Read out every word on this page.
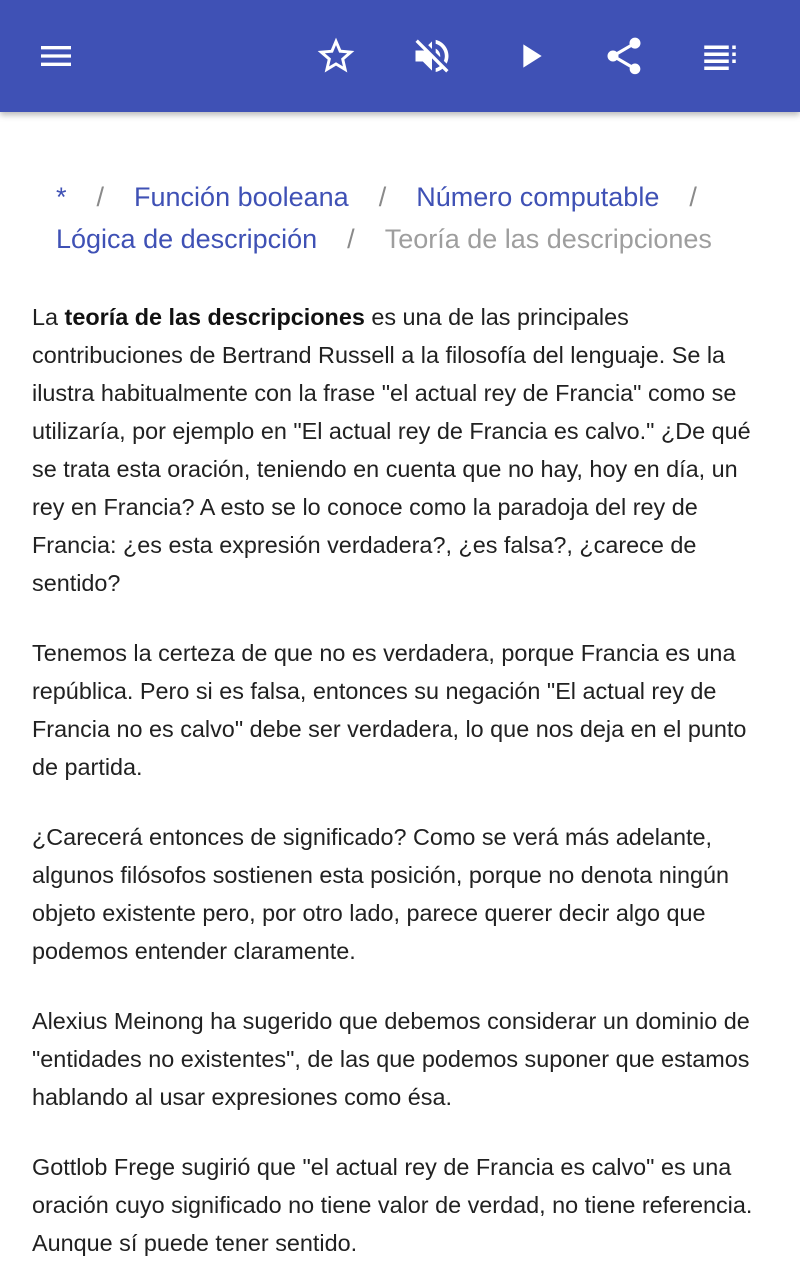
* / Función booleana / Número computable /
Lógica de descripción / Teoría de las descripciones

La teoría de las descripciones es una de las principales contribuciones de Bertrand Russell a la filosofía del lenguaje. Se la ilustra habitualmente con la frase "el actual rey de Francia" como se utilizaría, por ejemplo en "El actual rey de Francia es calvo." ¿De qué se trata esta oración, teniendo en cuenta que no hay, hoy en día, un rey en Francia? A esto se lo conoce como la paradoja del rey de Francia: ¿es esta expresión verdadera?, ¿es falsa?, ¿carece de sentido?

Tenemos la certeza de que no es verdadera, porque Francia es una república. Pero si es falsa, entonces su negación "El actual rey de Francia no es calvo" debe ser verdadera, lo que nos deja en el punto de partida.

¿Carecerá entonces de significado? Como se verá más adelante, algunos filósofos sostienen esta posición, porque no denota ningún objeto existente pero, por otro lado, parece querer decir algo que podemos entender claramente.

Alexius Meinong ha sugerido que debemos considerar un dominio de "entidades no existentes", de las que podemos suponer que estamos hablando al usar expresiones como ésa.

Gottlob Frege sugirió que "el actual rey de Francia es calvo" es una oración cuyo significado no tiene valor de verdad, no tiene referencia. Aunque sí puede tener sentido.
